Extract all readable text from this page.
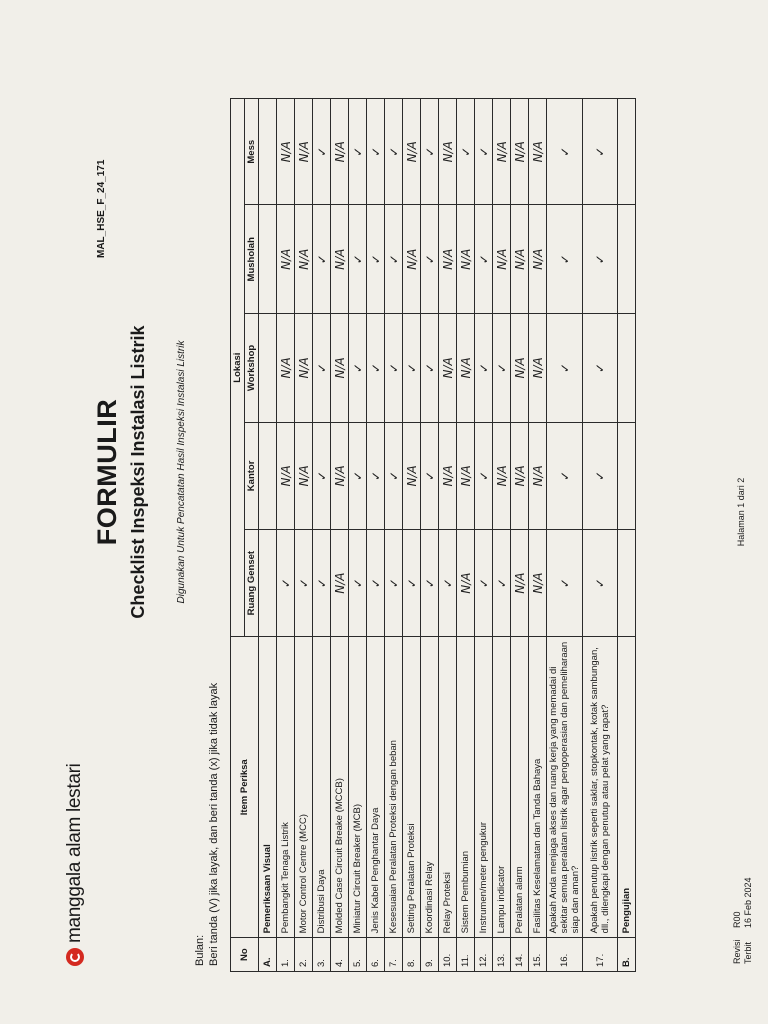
manggala alam lestari
MAL_HSE_F_24_171
FORMULIR Checklist Inspeksi Instalasi Listrik	Digunakan Untuk Pencatatan Hasil Inspeksi Instalasi Listrik
Bulan: Beri tanda (V) jika layak, dan beri tanda (x) jika tidak layak No	Item Periksa	Lokasi				
		Ruang Genset	Kantor	Workshop	Musholah	Mess
A.	Pemeriksaan Visual					
1.	Pembangkit Tenaga Listrik	✓	N/A	N/A	N/A	N/A
2.	Motor Control Centre (MCC)	✓	N/A	N/A	N/A	N/A
3.	Distribusi Daya	✓	✓	✓	✓	✓
4.	Molded Case Circuit Breake (MCCB)	N/A	N/A	N/A	N/A	N/A
5.	Miniatur Circuit Breaker (MCB)	✓	✓	✓	✓	✓
6.	Jenis Kabel Penghantar Daya	✓	✓	✓	✓	✓
7.	Kesesuaian Peralatan Proteksi dengan beban	✓	✓	✓	✓	✓
8.	Setting Peralatan Proteksi	✓	N/A	✓	N/A	N/A
9.	Koordinasi Relay	✓	✓	✓	✓	✓
10.	Relay Proteksi	✓	N/A	N/A	N/A	N/A
11.	Sistem Pembumian	N/A	N/A	N/A	N/A	✓
12.	Instrumen/meter pengukur	✓	✓	✓	✓	✓
13.	Lampu indicator	✓	N/A	✓	N/A	N/A
14.	Peralatan alarm	N/A	N/A	N/A	N/A	N/A
15.	Fasilitas Keselamatan dan Tanda Bahaya	N/A	N/A	N/A	N/A	N/A
16.	Apakah Anda menjaga akses dan ruang kerja yang memadai di sekitar semua peralatan listrik agar pengoperasian dan pemeliharaan siap dan aman?	✓	✓	✓	✓	✓
17.	Apakah penutup listrik seperti saklar, stopkontak, kotak sambungan, dll., dilengkapi dengan penutup atau pelat yang rapat?	✓	✓	✓	✓	✓
B.	Pengujian					
RevisiR00
Terbit16 Feb 2024
Halaman 1 dari 2
